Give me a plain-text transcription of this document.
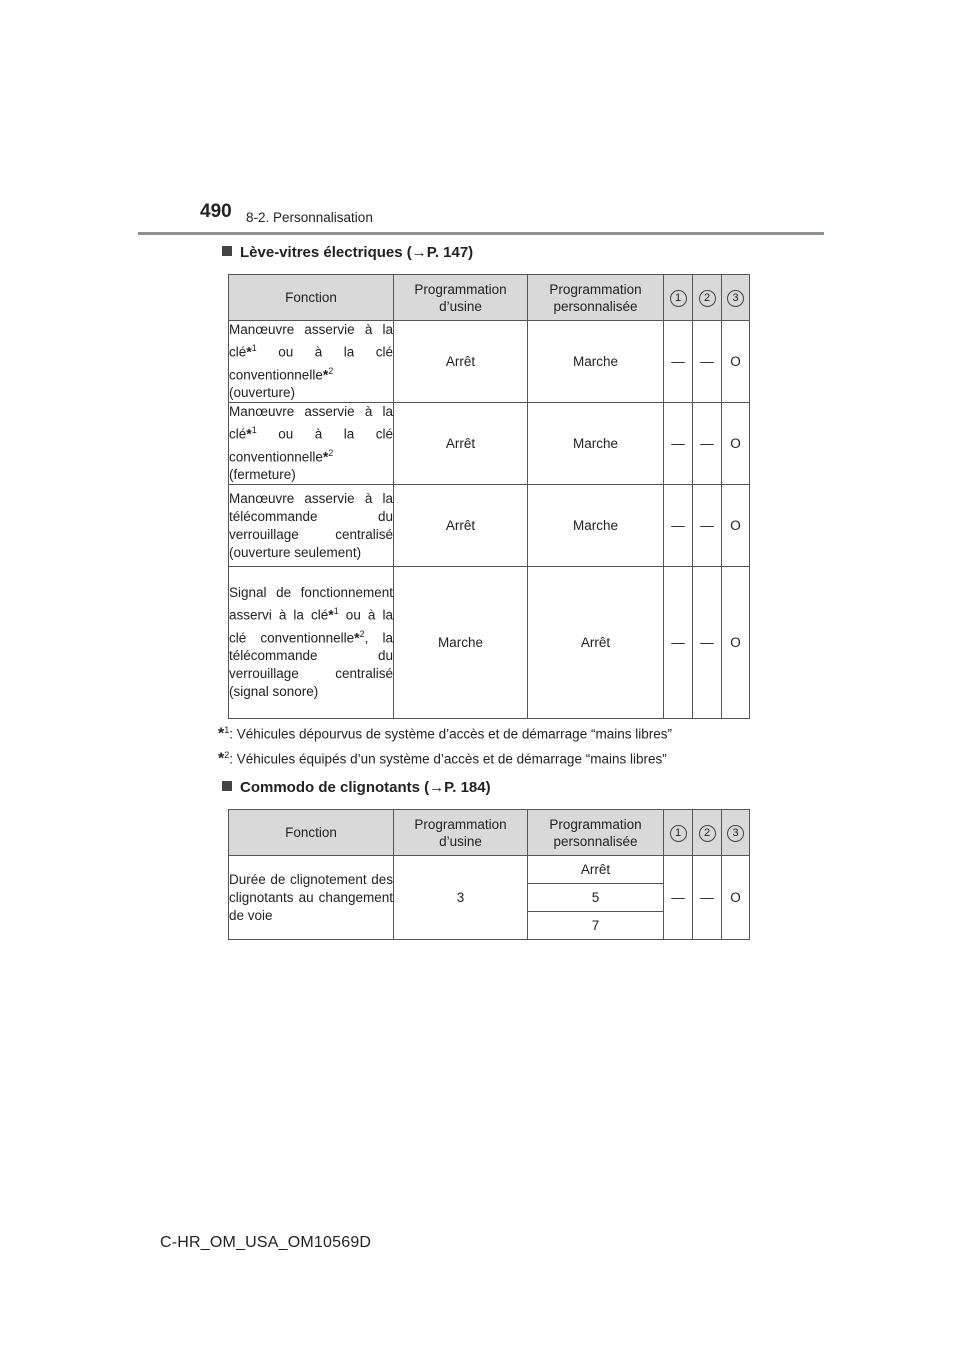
490 8-2. Personnalisation
Lève-vitres électriques (→P. 147)
Fonction	Programmation d’usine	Programmation personnalisée	1	2	3
Manœuvre asservie à la clé*$^1$ ou à la clé conventionnelle*$^2$ (ouverture)	Arrêt	Marche	—	—	O
Manœuvre asservie à la clé*$^1$ ou à la clé conventionnelle*$^2$ (fermeture)	Arrêt	Marche	—	—	O
Manœuvre asservie à la télécommande du verrouillage centralisé (ouverture seulement)	Arrêt	Marche	—	—	O
Signal de fonctionnement asservi à la clé*$^1$ ou à la clé conventionnelle*$^2$, la télécommande du verrouillage centralisé (signal sonore)	Marche	Arrêt	—	—	O
*$^1$: Véhicules dépourvus de système d’accès et de démarrage “mains libres”
*$^2$: Véhicules équipés d’un système d’accès et de démarrage “mains libres”
Commodo de clignotants (→P. 184)
Fonction	Programmation d’usine	Programmation personnalisée	1	2	3
Durée de clignotement des clignotants au changement de voie	3	Arrêt	—	—	O
		5			
		7			
C-HR_OM_USA_OM10569D
